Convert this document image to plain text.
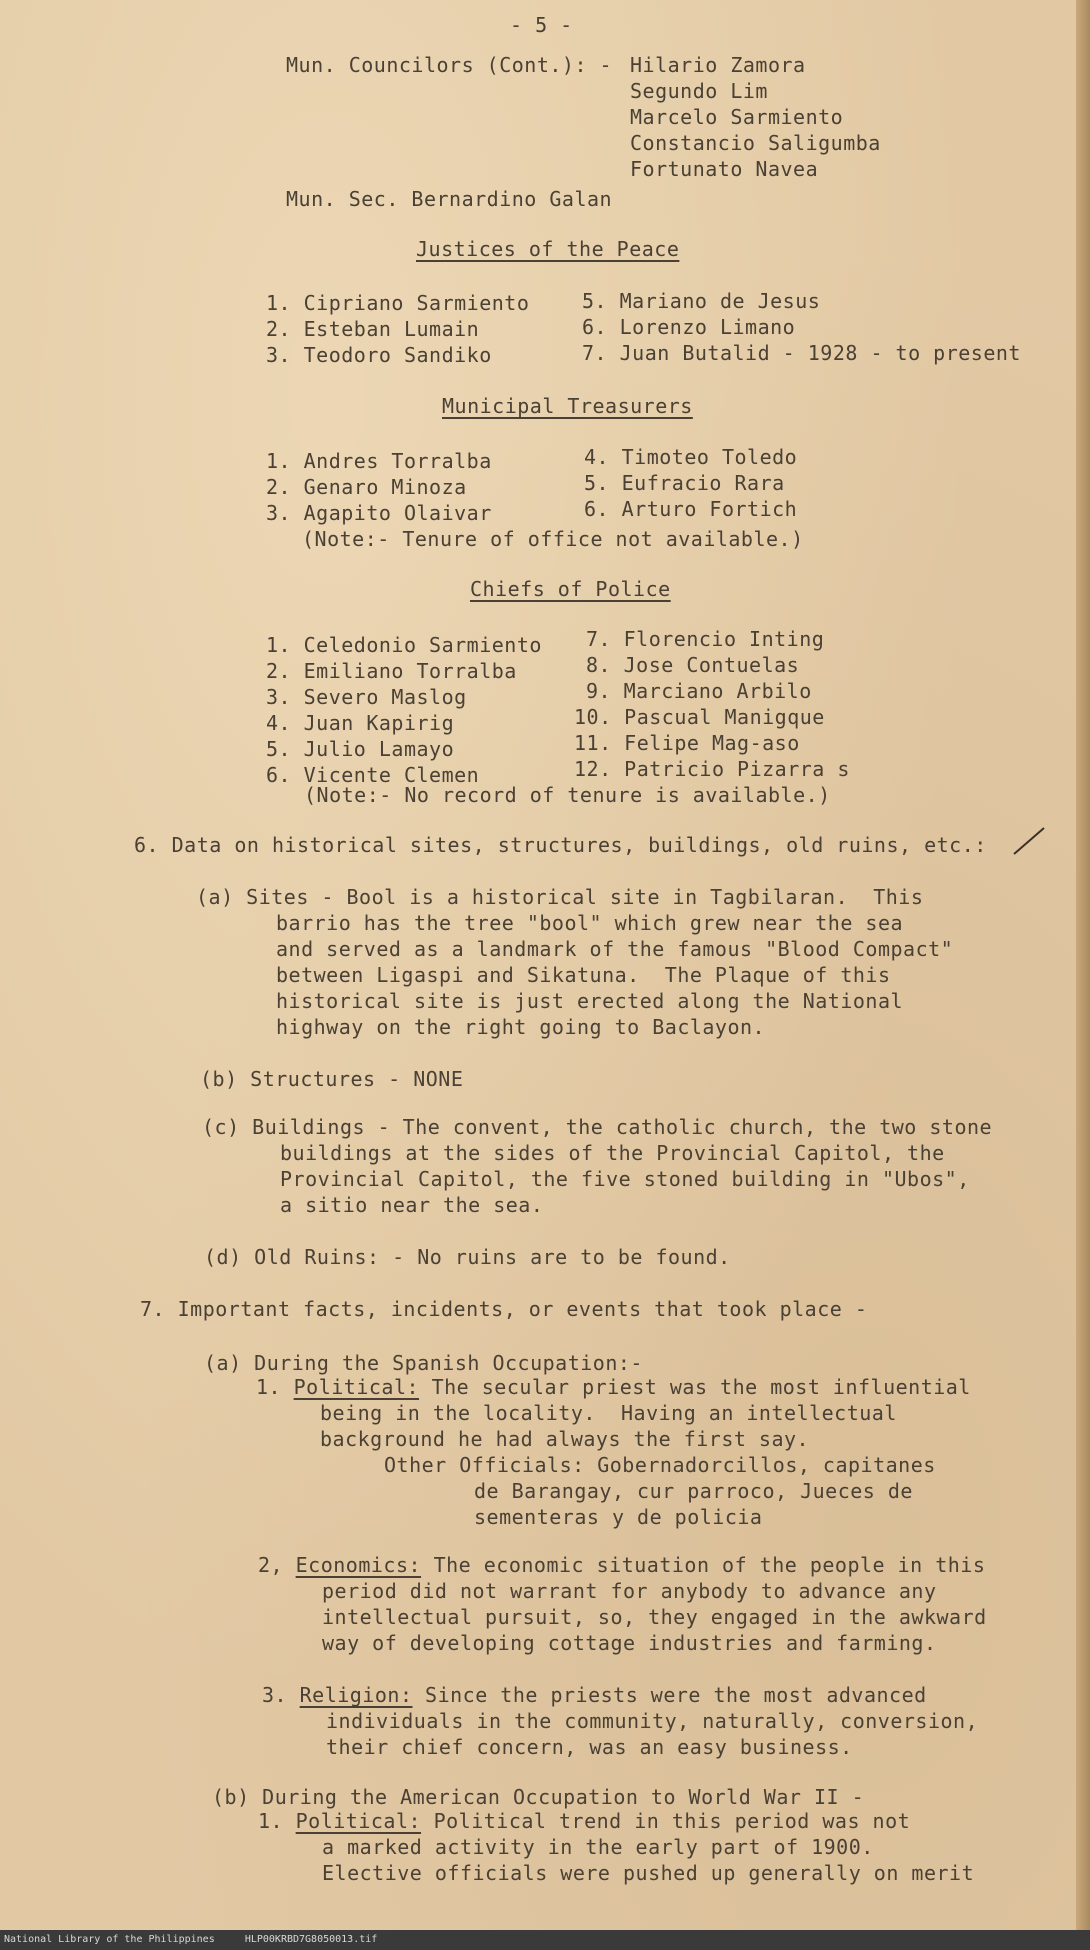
- 5 -
Mun. Councilors (Cont.): - Hilario Zamora
Segundo Lim
Marcelo Sarmiento
Constancio Saligumba
Fortunato Navea
Mun. Sec. Bernardino Galan
Justices of the Peace
1. Cipriano Sarmiento
2. Esteban Lumain
3. Teodoro Sandiko
5. Mariano de Jesus
6. Lorenzo Limano
7. Juan Butalid - 1928 - to present
Municipal Treasurers
1. Andres Torralba
2. Genaro Minoza
3. Agapito Olaivar
4. Timoteo Toledo
5. Eufracio Rara
6. Arturo Fortich
(Note:- Tenure of office not available.)
Chiefs of Police
1. Celedonio Sarmiento
2. Emiliano Torralba
3. Severo Maslog
4. Juan Kapirig
5. Julio Lamayo
6. Vicente Clemen
7. Florencio Inting
8. Jose Contuelas
9. Marciano Arbilo
10. Pascual Manigque
11. Felipe Mag-aso
12. Patricio Pizarra s
(Note:- No record of tenure is available.)
6. Data on historical sites, structures, buildings, old ruins, etc.:
(a) Sites - Bool is a historical site in Tagbilaran.  This
barrio has the tree "bool" which grew near the sea
and served as a landmark of the famous "Blood Compact"
between Ligaspi and Sikatuna.  The Plaque of this
historical site is just erected along the National
highway on the right going to Baclayon.
(b) Structures - NONE
(c) Buildings - The convent, the catholic church, the two stone
buildings at the sides of the Provincial Capitol, the
Provincial Capitol, the five stoned building in "Ubos",
a sitio near the sea.
(d) Old Ruins: - No ruins are to be found.
7. Important facts, incidents, or events that took place -
(a) During the Spanish Occupation:-
1. Political: The secular priest was the most influential
being in the locality.  Having an intellectual
background he had always the first say.
Other Officials: Gobernadorcillos, capitanes
de Barangay, cur parroco, Jueces de
sementeras y de policia
2, Economics: The economic situation of the people in this
period did not warrant for anybody to advance any
intellectual pursuit, so, they engaged in the awkward
way of developing cottage industries and farming.
3. Religion: Since the priests were the most advanced
individuals in the community, naturally, conversion,
their chief concern, was an easy business.
(b) During the American Occupation to World War II -
1. Political: Political trend in this period was not
a marked activity in the early part of 1900.
Elective officials were pushed up generally on merit
National Library of the Philippines     HLP00KRBD7G8050013.tif
